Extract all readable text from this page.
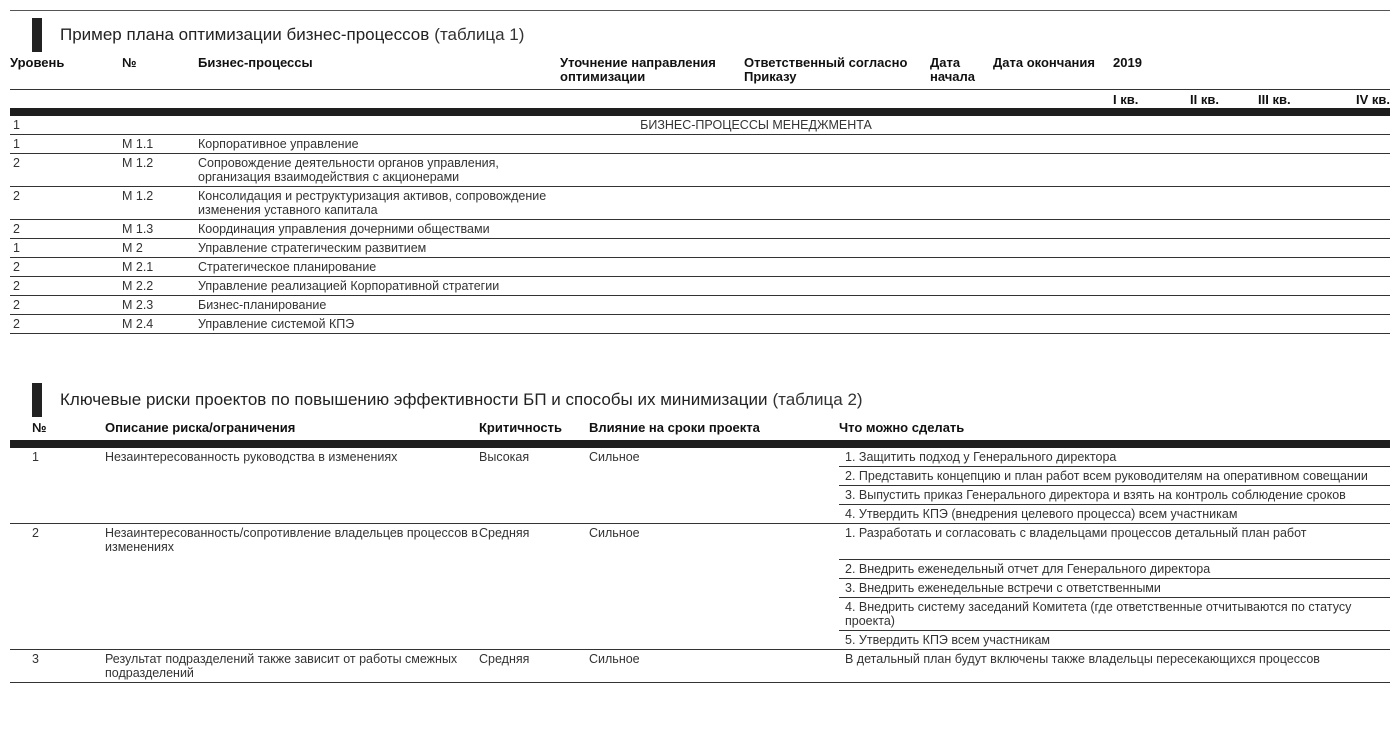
Пример плана оптимизации бизнес-процессов (таблица 1)
Уровень	№	Бизнес-процессы	Уточнение направления оптимизации	Ответственный согласно Приказу	Дата начала	Дата окончания	2019			
							I кв.	II кв.	III кв.	IV кв.

1	БИЗНЕС-ПРОЦЕССЫ МЕНЕДЖМЕНТА									
1	М 1.1	Корпоративное управление								
2	М 1.2	Сопровождение деятельности органов управления, организация взаимодействия с акционерами								
2	М 1.2	Консолидация и реструктуризация активов, сопровождение изменения уставного капитала								
2	М 1.3	Координация управления дочерними обществами								
1	М 2	Управление стратегическим развитием								
2	М 2.1	Стратегическое планирование								
2	М 2.2	Управление реализацией Корпоративной стратегии								
2	М 2.3	Бизнес-планирование								
2	М 2.4	Управление системой КПЭ								
Ключевые риски проектов по повышению эффективности БП и способы их минимизации (таблица 2)
№	Описание риска/ограничения	Критичность	Влияние на сроки проекта	Что можно сделать

1	Незаинтересованность руководства в изменениях	Высокая	Сильное	1. Защитить подход у Генерального директора
				2. Представить концепцию и план работ всем руководителям на оперативном совещании
				3. Выпустить приказ Генерального директора и взять на контроль соблюдение сроков
				4. Утвердить КПЭ (внедрения целевого процесса) всем участникам
2	Незаинтересованность/сопротивление владельцев процессов в изменениях	Средняя	Сильное	1. Разработать и согласовать с владельцами процессов детальный план работ
				2. Внедрить еженедельный отчет для Генерального директора
				3. Внедрить еженедельные встречи с ответственными
				4. Внедрить систему заседаний Комитета (где ответственные отчитываются по статусу проекта)
				5. Утвердить КПЭ всем участникам
3	Результат подразделений также зависит от работы смежных подразделений	Средняя	Сильное	В детальный план будут включены также владельцы пересекающихся процессов
